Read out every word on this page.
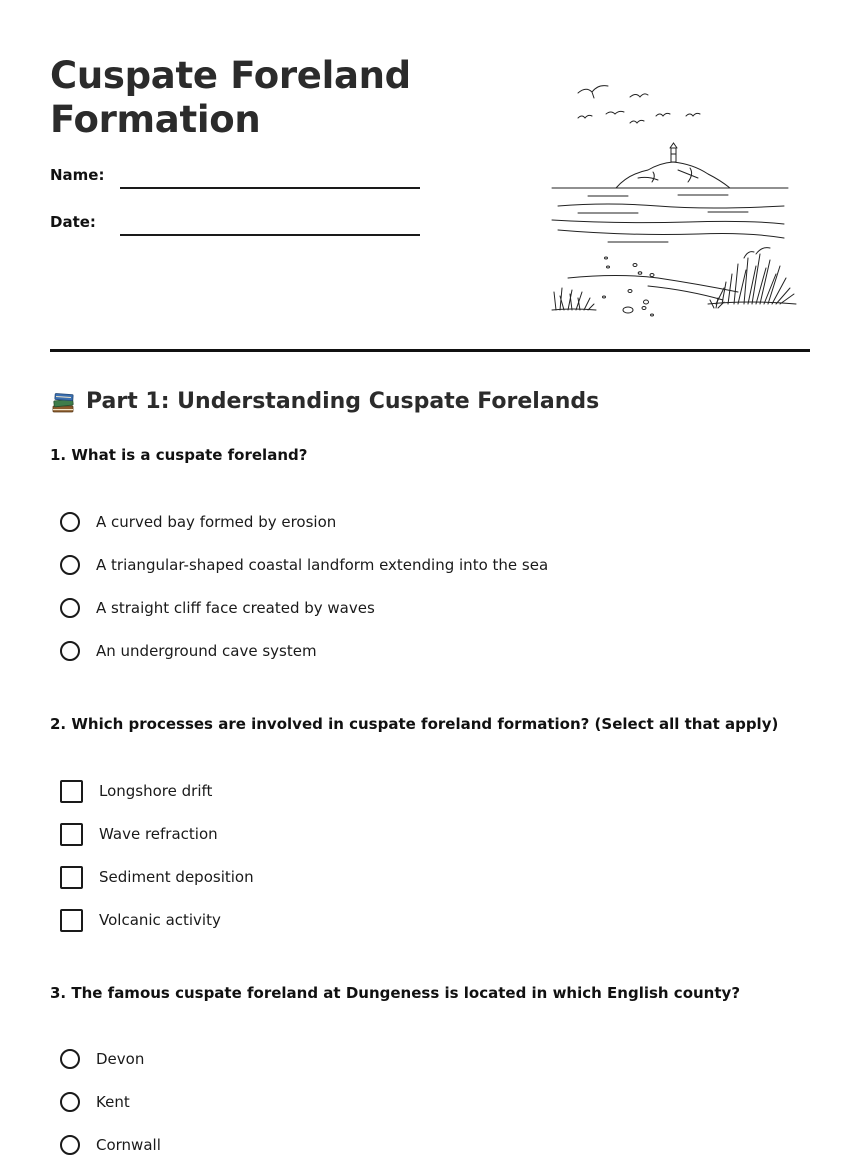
Cuspate Foreland Formation
Name:
Date:
Part 1: Understanding Cuspate Forelands
1. What is a cuspate foreland?
A curved bay formed by erosion
A triangular-shaped coastal landform extending into the sea
A straight cliff face created by waves
An underground cave system
2. Which processes are involved in cuspate foreland formation? (Select all that apply)
Longshore drift
Wave refraction
Sediment deposition
Volcanic activity
3. The famous cuspate foreland at Dungeness is located in which English county?
Devon
Kent
Cornwall
